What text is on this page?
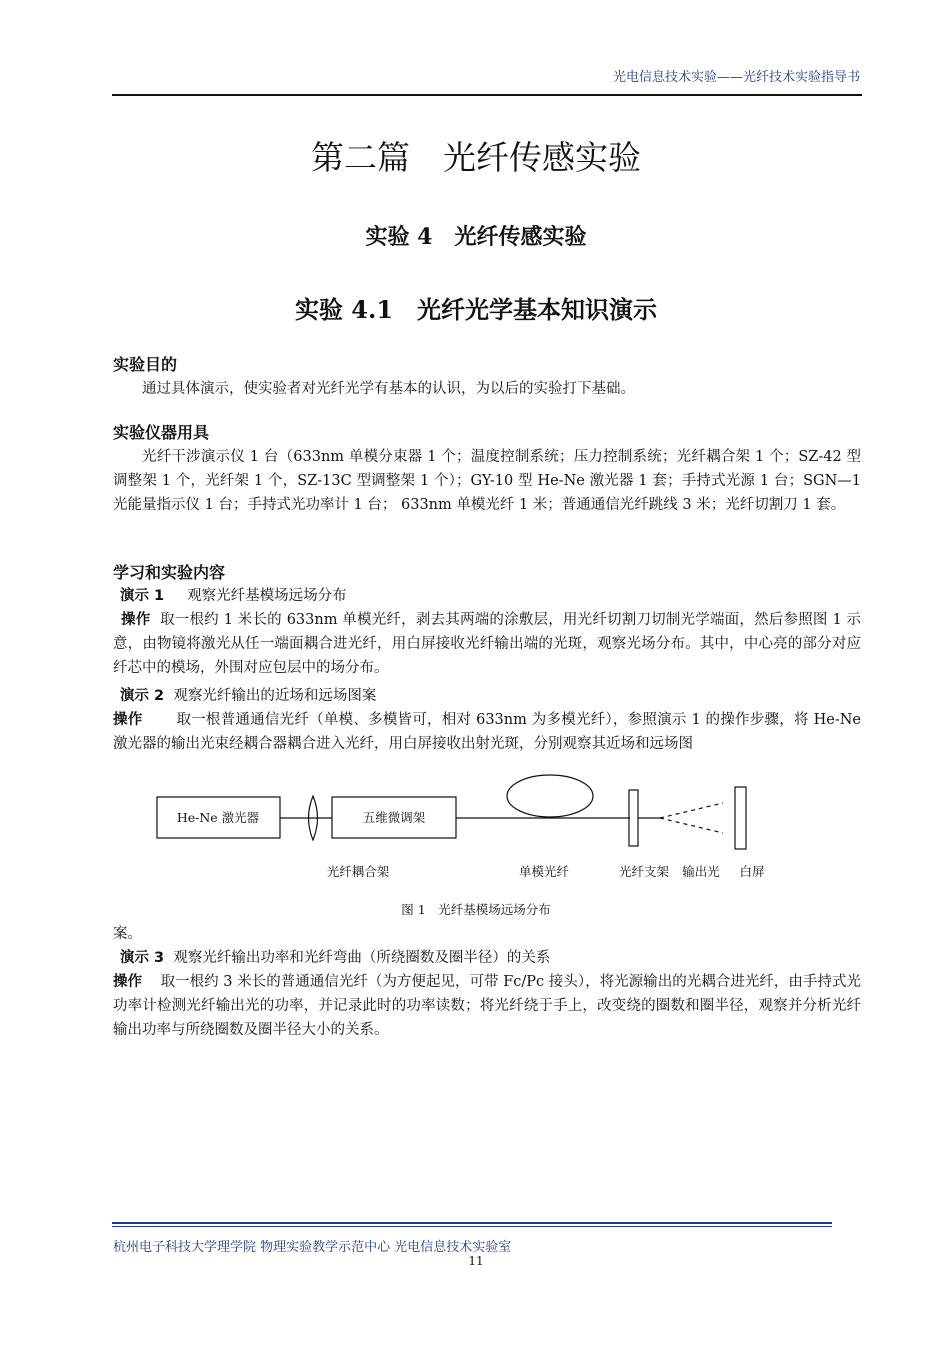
光电信息技术实验——光纤技术实验指导书
第二篇　光纤传感实验
实验 4　光纤传感实验
实验 4.1　光纤光学基本知识演示
实验目的
通过具体演示，使实验者对光纤光学有基本的认识，为以后的实验打下基础。
实验仪器用具
光纤干涉演示仪 1 台（633nm 单模分束器 1 个；温度控制系统；压力控制系统；光纤耦合架 1 个；SZ-42 型调整架 1 个，光纤架 1 个，SZ-13C 型调整架 1 个）；GY-10 型 He-Ne 激光器 1 套；手持式光源 1 台；SGN—1 光能量指示仪 1 台；手持式光功率计 1 台； 633nm 单模光纤 1 米；普通通信光纤跳线 3 米；光纤切割刀 1 套。
学习和实验内容
演示 1 观察光纤基模场远场分布
操作 取一根约 1 米长的 633nm 单模光纤，剥去其两端的涂敷层，用光纤切割刀切制光学端面，然后参照图 1 示意，由物镜将激光从任一端面耦合进光纤，用白屏接收光纤输出端的光斑，观察光场分布。其中，中心亮的部分对应纤芯中的模场，外围对应包层中的场分布。
演示 2 观察光纤输出的近场和远场图案
操作 取一根普通通信光纤（单模、多模皆可，相对 633nm 为多模光纤），参照演示 1 的操作步骤，将 He-Ne 激光器的输出光束经耦合器耦合进入光纤，用白屏接收出射光斑，分别观察其近场和远场图
He-Ne 激光器	五维微调架
光纤耦合架	单模光纤	光纤支架 输出光 白屏
图 1　光纤基模场远场分布
案。
演示 3 观察光纤输出功率和光纤弯曲（所绕圈数及圈半径）的关系
操作 取一根约 3 米长的普通通信光纤（为方便起见，可带 Fc/Pc 接头），将光源输出的光耦合进光纤，由手持式光功率计检测光纤输出光的功率，并记录此时的功率读数；将光纤绕于手上，改变绕的圈数和圈半径，观察并分析光纤输出功率与所绕圈数及圈半径大小的关系。
杭州电子科技大学理学院 物理实验教学示范中心 光电信息技术实验室
11
